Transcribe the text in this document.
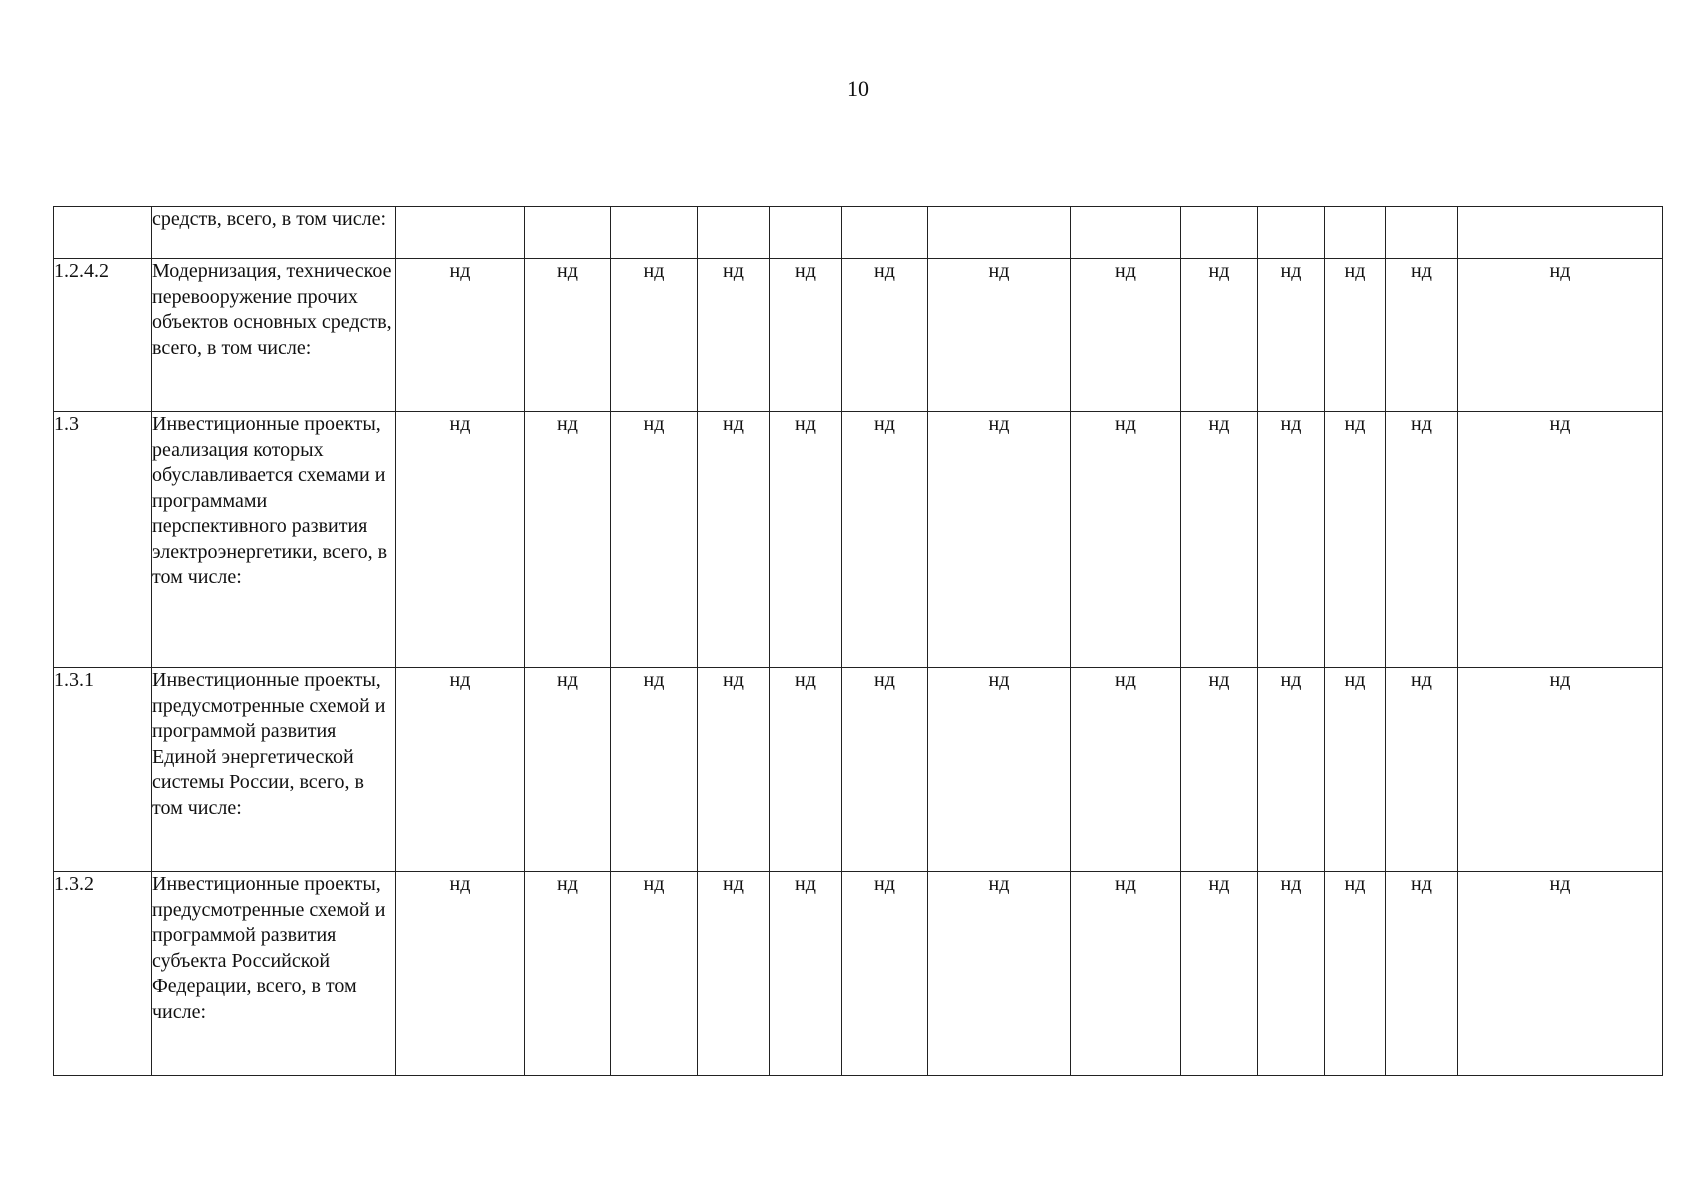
10
	средств, всего, в том числе:													
1.2.4.2	Модернизация, техническое перевооружение прочих объектов основных средств, всего, в том числе:	нд	нд	нд	нд	нд	нд	нд	нд	нд	нд	нд	нд	нд
1.3	Инвестиционные проекты, реализация которых обуславливается схемами и программами перспективного развития электроэнергетики, всего, в том числе:	нд	нд	нд	нд	нд	нд	нд	нд	нд	нд	нд	нд	нд
1.3.1	Инвестиционные проекты, предусмотренные схемой и программой развития Единой энергетической системы России, всего, в том числе:	нд	нд	нд	нд	нд	нд	нд	нд	нд	нд	нд	нд	нд
1.3.2	Инвестиционные проекты, предусмотренные схемой и программой развития субъекта Российской Федерации, всего, в том числе:	нд	нд	нд	нд	нд	нд	нд	нд	нд	нд	нд	нд	нд
